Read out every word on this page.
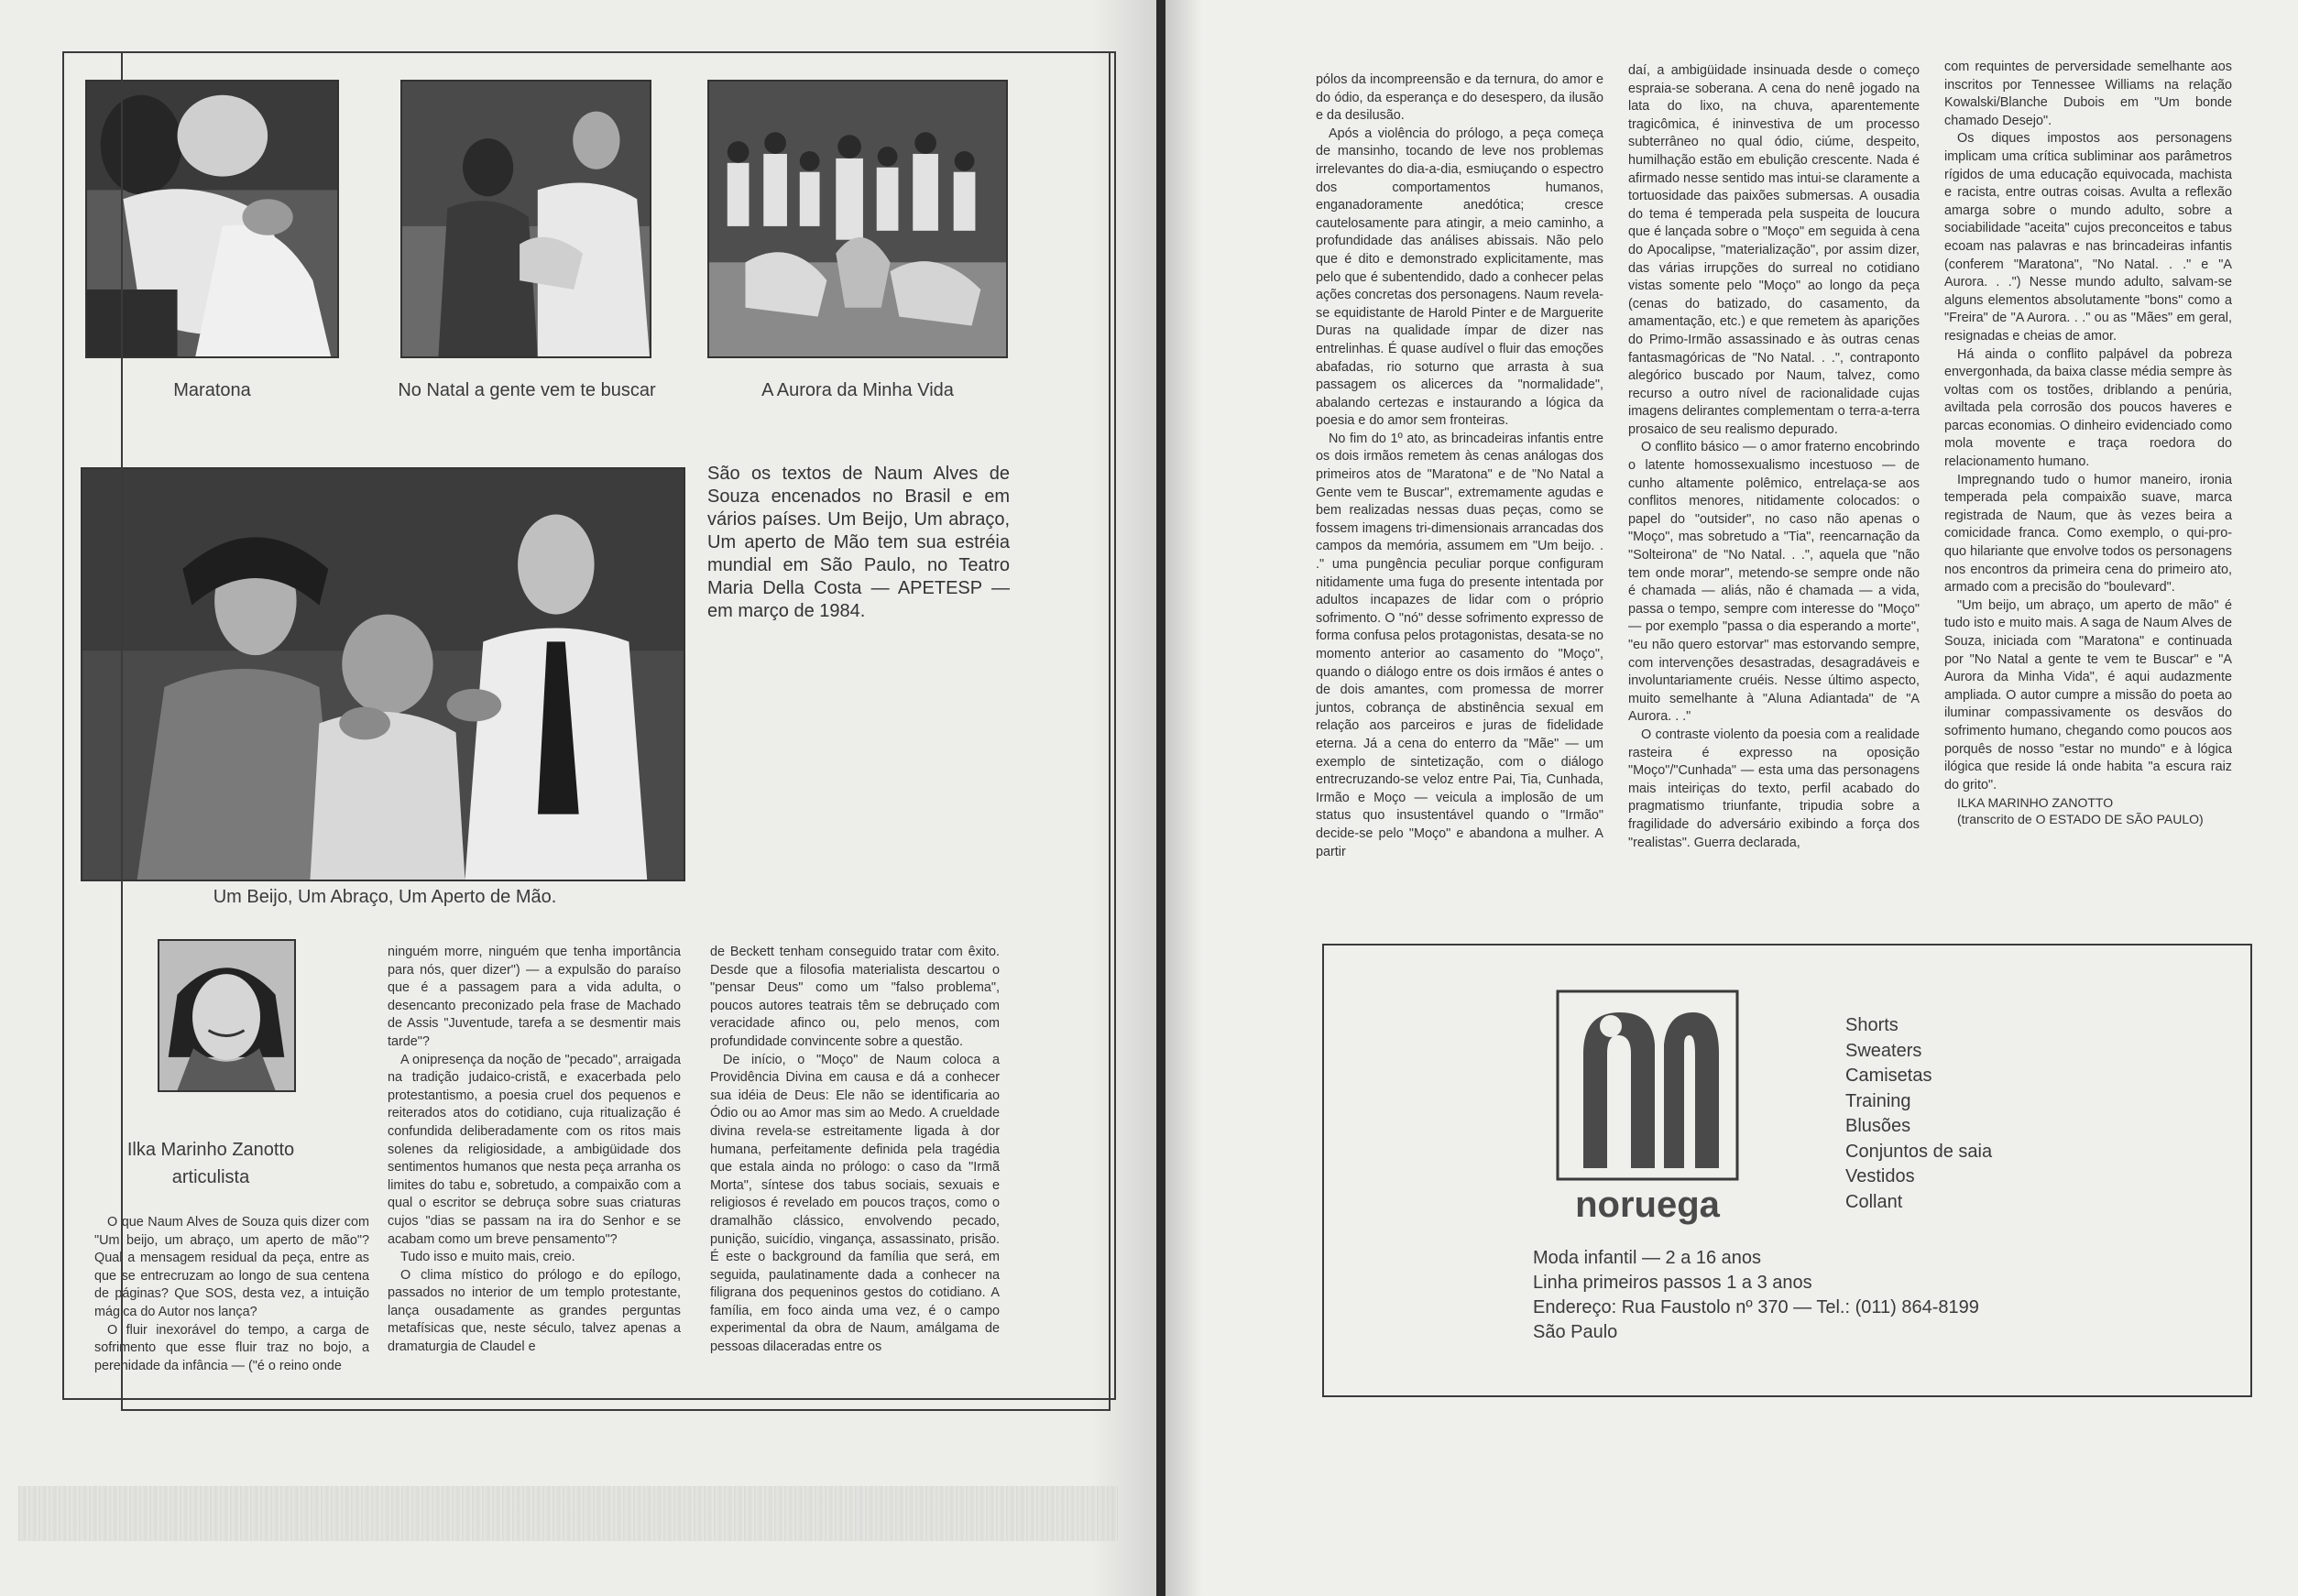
Maratona	No Natal a gente vem te buscar	A Aurora da Minha Vida
Um Beijo, Um Abraço, Um Aperto de Mão.
São os textos de Naum Alves de Souza encenados no Brasil e em vários países. Um Beijo, Um abraço, Um aperto de Mão tem sua estréia mundial em São Paulo, no Teatro Maria Della Costa — APETESP — em março de 1984.
Ilka Marinho Zanotto
articulista

O que Naum Alves de Souza quis dizer com "Um beijo, um abraço, um aperto de mão"? Qual a mensagem residual da peça, entre as que se entrecruzam ao longo de sua centena de páginas? Que SOS, desta vez, a intuição mágica do Autor nos lança?

O fluir inexorável do tempo, a carga de sofrimento que esse fluir traz no bojo, a perenidade da infância — ("é o reino onde

ninguém morre, ninguém que tenha importância para nós, quer dizer") — a expulsão do paraíso que é a passagem para a vida adulta, o desencanto preconizado pela frase de Machado de Assis "Juventude, tarefa a se desmentir mais tarde"?

A onipresença da noção de "pecado", arraigada na tradição judaico-cristã, e exacerbada pelo protestantismo, a poesia cruel dos pequenos e reiterados atos do cotidiano, cuja ritualização é confundida deliberadamente com os ritos mais solenes da religiosidade, a ambigüidade dos sentimentos humanos que nesta peça arranha os limites do tabu e, sobretudo, a compaixão com a qual o escritor se debruça sobre suas criaturas cujos "dias se passam na ira do Senhor e se acabam como um breve pensamento"?

Tudo isso e muito mais, creio.

O clima místico do prólogo e do epílogo, passados no interior de um templo protestante, lança ousadamente as grandes perguntas metafísicas que, neste século, talvez apenas a dramaturgia de Claudel e

de Beckett tenham conseguido tratar com êxito. Desde que a filosofia materialista descartou o "pensar Deus" como um "falso problema", poucos autores teatrais têm se debruçado com veracidade afinco ou, pelo menos, com profundidade convincente sobre a questão.

De início, o "Moço" de Naum coloca a Providência Divina em causa e dá a conhecer sua idéia de Deus: Ele não se identificaria ao Ódio ou ao Amor mas sim ao Medo. A crueldade divina revela-se estreitamente ligada à dor humana, perfeitamente definida pela tragédia que estala ainda no prólogo: o caso da "Irmã Morta", síntese dos tabus sociais, sexuais e religiosos é revelado em poucos traços, como o dramalhão clássico, envolvendo pecado, punição, suicídio, vingança, assassinato, prisão. É este o background da família que será, em seguida, paulatinamente dada a conhecer na filigrana dos pequeninos gestos do cotidiano. A família, em foco ainda uma vez, é o campo experimental da obra de Naum, amálgama de pessoas dilaceradas entre os

pólos da incompreensão e da ternura, do amor e do ódio, da esperança e do desespero, da ilusão e da desilusão.

Após a violência do prólogo, a peça começa de mansinho, tocando de leve nos problemas irrelevantes do dia-a-dia, esmiuçando o espectro dos comportamentos humanos, enganadoramente anedótica; cresce cautelosamente para atingir, a meio caminho, a profundidade das análises abissais. Não pelo que é dito e demonstrado explicitamente, mas pelo que é subentendido, dado a conhecer pelas ações concretas dos personagens. Naum revela-se equidistante de Harold Pinter e de Marguerite Duras na qualidade ímpar de dizer nas entrelinhas. É quase audível o fluir das emoções abafadas, rio soturno que arrasta à sua passagem os alicerces da "normalidade", abalando certezas e instaurando a lógica da poesia e do amor sem fronteiras.

No fim do 1º ato, as brincadeiras infantis entre os dois irmãos remetem às cenas análogas dos primeiros atos de "Maratona" e de "No Natal a Gente vem te Buscar", extremamente agudas e bem realizadas nessas duas peças, como se fossem imagens tri-dimensionais arrancadas dos campos da memória, assumem em "Um beijo. . ." uma pungência peculiar porque configuram nitidamente uma fuga do presente intentada por adultos incapazes de lidar com o próprio sofrimento. O "nó" desse sofrimento expresso de forma confusa pelos protagonistas, desata-se no momento anterior ao casamento do "Moço", quando o diálogo entre os dois irmãos é antes o de dois amantes, com promessa de morrer juntos, cobrança de abstinência sexual em relação aos parceiros e juras de fidelidade eterna. Já a cena do enterro da "Mãe" — um exemplo de sintetização, com o diálogo entrecruzando-se veloz entre Pai, Tia, Cunhada, Irmão e Moço — veicula a implosão de um status quo insustentável quando o "Irmão" decide-se pelo "Moço" e abandona a mulher. A partir

daí, a ambigüidade insinuada desde o começo espraia-se soberana. A cena do nenê jogado na lata do lixo, na chuva, aparentemente tragicômica, é ininvestiva de um processo subterrâneo no qual ódio, ciúme, despeito, humilhação estão em ebulição crescente. Nada é afirmado nesse sentido mas intui-se claramente a tortuosidade das paixões submersas. A ousadia do tema é temperada pela suspeita de loucura que é lançada sobre o "Moço" em seguida à cena do Apocalipse, "materialização", por assim dizer, das várias irrupções do surreal no cotidiano vistas somente pelo "Moço" ao longo da peça (cenas do batizado, do casamento, da amamentação, etc.) e que remetem às aparições do Primo-Irmão assassinado e às outras cenas fantasmagóricas de "No Natal. . .", contraponto alegórico buscado por Naum, talvez, como recurso a outro nível de racionalidade cujas imagens delirantes complementam o terra-a-terra prosaico de seu realismo depurado.

O conflito básico — o amor fraterno encobrindo o latente homossexualismo incestuoso — de cunho altamente polêmico, entrelaça-se aos conflitos menores, nitidamente colocados: o papel do "outsider", no caso não apenas o "Moço", mas sobretudo a "Tia", reencarnação da "Solteirona" de "No Natal. . .", aquela que "não tem onde morar", metendo-se sempre onde não é chamada — aliás, não é chamada — a vida, passa o tempo, sempre com interesse do "Moço" — por exemplo "passa o dia esperando a morte", "eu não quero estorvar" mas estorvando sempre, com intervenções desastradas, desagradáveis e involuntariamente cruéis. Nesse último aspecto, muito semelhante à "Aluna Adiantada" de "A Aurora. . ."

O contraste violento da poesia com a realidade rasteira é expresso na oposição "Moço"/"Cunhada" — esta uma das personagens mais inteiriças do texto, perfil acabado do pragmatismo triunfante, tripudia sobre a fragilidade do adversário exibindo a força dos "realistas". Guerra declarada,

com requintes de perversidade semelhante aos inscritos por Tennessee Williams na relação Kowalski/Blanche Dubois em "Um bonde chamado Desejo".

Os diques impostos aos personagens implicam uma crítica subliminar aos parâmetros rígidos de uma educação equivocada, machista e racista, entre outras coisas. Avulta a reflexão amarga sobre o mundo adulto, sobre a sociabilidade "aceita" cujos preconceitos e tabus ecoam nas palavras e nas brincadeiras infantis (conferem "Maratona", "No Natal. . ." e "A Aurora. . .") Nesse mundo adulto, salvam-se alguns elementos absolutamente "bons" como a "Freira" de "A Aurora. . ." ou as "Mães" em geral, resignadas e cheias de amor.

Há ainda o conflito palpável da pobreza envergonhada, da baixa classe média sempre às voltas com os tostões, driblando a penúria, aviltada pela corrosão dos poucos haveres e parcas economias. O dinheiro evidenciado como mola movente e traça roedora do relacionamento humano.

Impregnando tudo o humor maneiro, ironia temperada pela compaixão suave, marca registrada de Naum, que às vezes beira a comicidade franca. Como exemplo, o qui-pro-quo hilariante que envolve todos os personagens nos encontros da primeira cena do primeiro ato, armado com a precisão do "boulevard".

"Um beijo, um abraço, um aperto de mão" é tudo isto e muito mais. A saga de Naum Alves de Souza, iniciada com "Maratona" e continuada por "No Natal a gente te vem te Buscar" e "A Aurora da Minha Vida", é aqui audazmente ampliada. O autor cumpre a missão do poeta ao iluminar compassivamente os desvãos do sofrimento humano, chegando como poucos aos porquês de nosso "estar no mundo" e à lógica ilógica que reside lá onde habita "a escura raiz do grito".

ILKA MARINHO ZANOTTO
(transcrito de O ESTADO DE SÃO PAULO)
noruega
Shorts
Sweaters
Camisetas
Training
Blusões
Conjuntos de saia
Vestidos
Collant
Moda infantil — 2 a 16 anos
Linha primeiros passos 1 a 3 anos
Endereço: Rua Faustolo nº 370 — Tel.: (011) 864-8199
São Paulo
